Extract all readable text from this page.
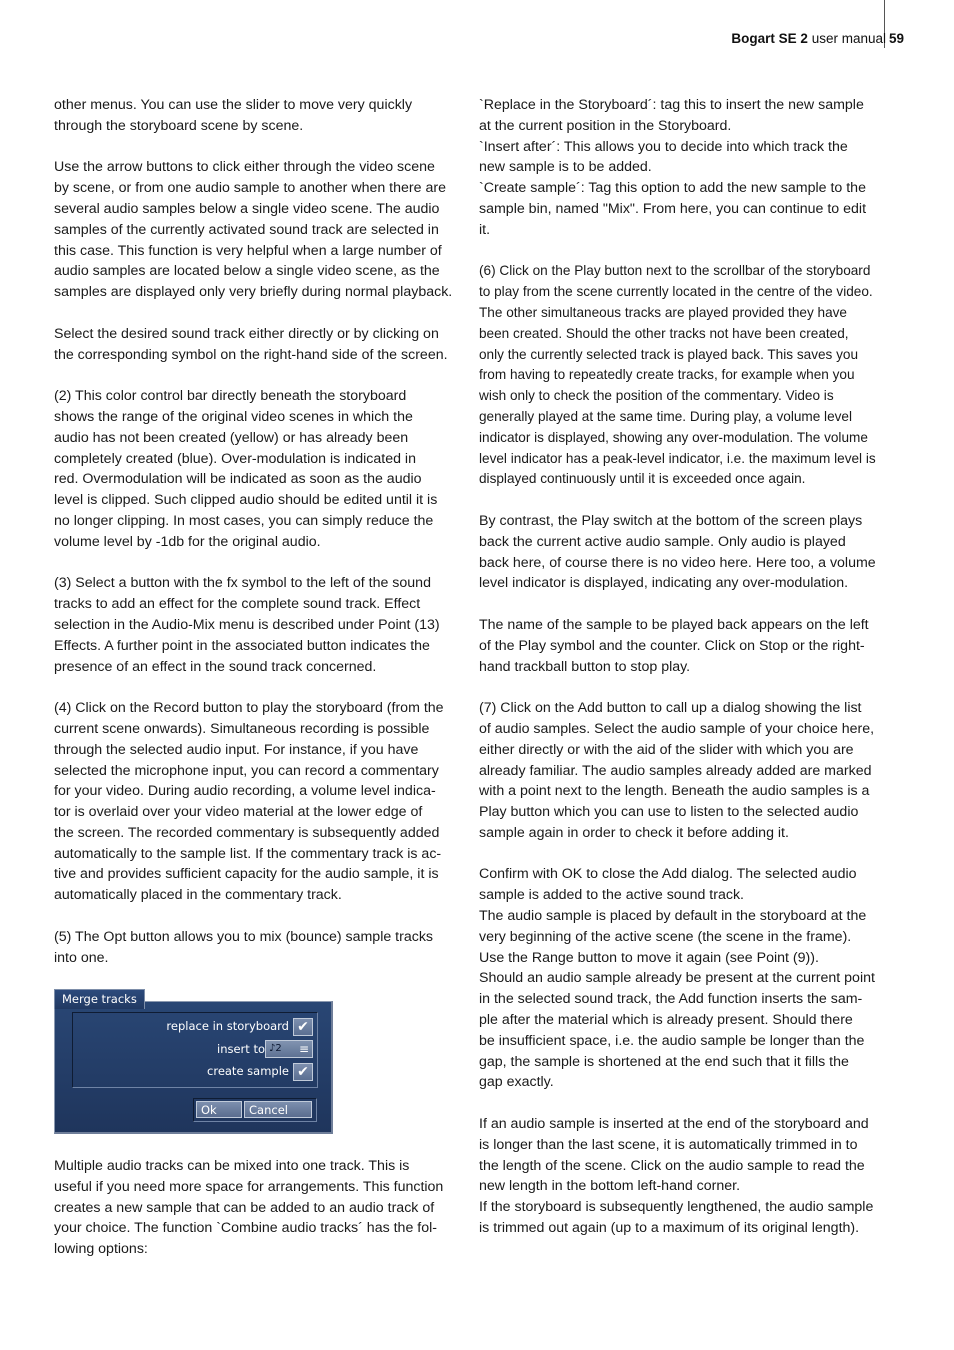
Bogart SE 2 user manual 59

other menus. You can use the slider to move very quickly
through the storyboard scene by scene.

Use the arrow buttons to click either through the video scene
by scene, or from one audio sample to another when there are
several audio samples below a single video scene. The audio
samples of the currently activated sound track are selected in
this case. This function is very helpful when a large number of
audio samples are located below a single video scene, as the
samples are displayed only very briefly during normal playback.

Select the desired sound track either directly or by clicking on
the corresponding symbol on the right-hand side of the screen.

(2) This color control bar directly beneath the storyboard
shows the range of the original video scenes in which the
audio has not been created (yellow) or has already been
completely created (blue). Over-modulation is indicated in
red. Overmodulation will be indicated as soon as the audio
level is clipped. Such clipped audio should be edited until it is
no longer clipping. In most cases, you can simply reduce the
volume level by -1db for the original audio.

(3) Select a button with the fx symbol to the left of the sound
tracks to add an effect for the complete sound track. Effect
selection in the Audio-Mix menu is described under Point (13)
Effects. A further point in the associated button indicates the
presence of an effect in the sound track concerned.

(4) Click on the Record button to play the storyboard (from the
current scene onwards). Simultaneous recording is possible
through the selected audio input. For instance, if you have
selected the microphone input, you can record a commentary
for your video. During audio recording, a volume level indica-
tor is overlaid over your video material at the lower edge of
the screen. The recorded commentary is subsequently added
automatically to the sample list. If the commentary track is ac-
tive and provides sufficient capacity for the audio sample, it is
automatically placed in the commentary track.

(5) The Opt button allows you to mix (bounce) sample tracks
into one.

replace in storyboard ✔
insert to ♪2 ≡
create sample ✔
Ok	Cancel
Merge tracks

Multiple audio tracks can be mixed into one track. This is
useful if you need more space for arrangements. This function
creates a new sample that can be added to an audio track of
your choice. The function `Combine audio tracks´ has the fol-
lowing options:

`Replace in the Storyboard´: tag this to insert the new sample
at the current position in the Storyboard.
`Insert after´: This allows you to decide into which track the
new sample is to be added.
`Create sample´: Tag this option to add the new sample to the
sample bin, named "Mix". From here, you can continue to edit
it.

(6) Click on the Play button next to the scrollbar of the storyboard
to play from the scene currently located in the centre of the video.
The other simultaneous tracks are played provided they have
been created. Should the other tracks not have been created,
only the currently selected track is played back. This saves you
from having to repeatedly create tracks, for example when you
wish only to check the position of the commentary. Video is
generally played at the same time. During play, a volume level
indicator is displayed, showing any over-modulation. The volume
level indicator has a peak-level indicator, i.e. the maximum level is
displayed continuously until it is exceeded once again.

By contrast, the Play switch at the bottom of the screen plays
back the current active audio sample. Only audio is played
back here, of course there is no video here. Here too, a volume
level indicator is displayed, indicating any over-modulation.

The name of the sample to be played back appears on the left
of the Play symbol and the counter. Click on Stop or the right-
hand trackball button to stop play.

(7) Click on the Add button to call up a dialog showing the list
of audio samples. Select the audio sample of your choice here,
either directly or with the aid of the slider with which you are
already familiar. The audio samples already added are marked
with a point next to the length. Beneath the audio samples is a
Play button which you can use to listen to the selected audio
sample again in order to check it before adding it.

Confirm with OK to close the Add dialog. The selected audio
sample is added to the active sound track.
The audio sample is placed by default in the storyboard at the
very beginning of the active scene (the scene in the frame).
Use the Range button to move it again (see Point (9)).
Should an audio sample already be present at the current point
in the selected sound track, the Add function inserts the sam-
ple after the material which is already present. Should there
be insufficient space, i.e. the audio sample be longer than the
gap, the sample is shortened at the end such that it fills the
gap exactly.

If an audio sample is inserted at the end of the storyboard and
is longer than the last scene, it is automatically trimmed in to
the length of the scene. Click on the audio sample to read the
new length in the bottom left-hand corner.
If the storyboard is subsequently lengthened, the audio sample
is trimmed out again (up to a maximum of its original length).
